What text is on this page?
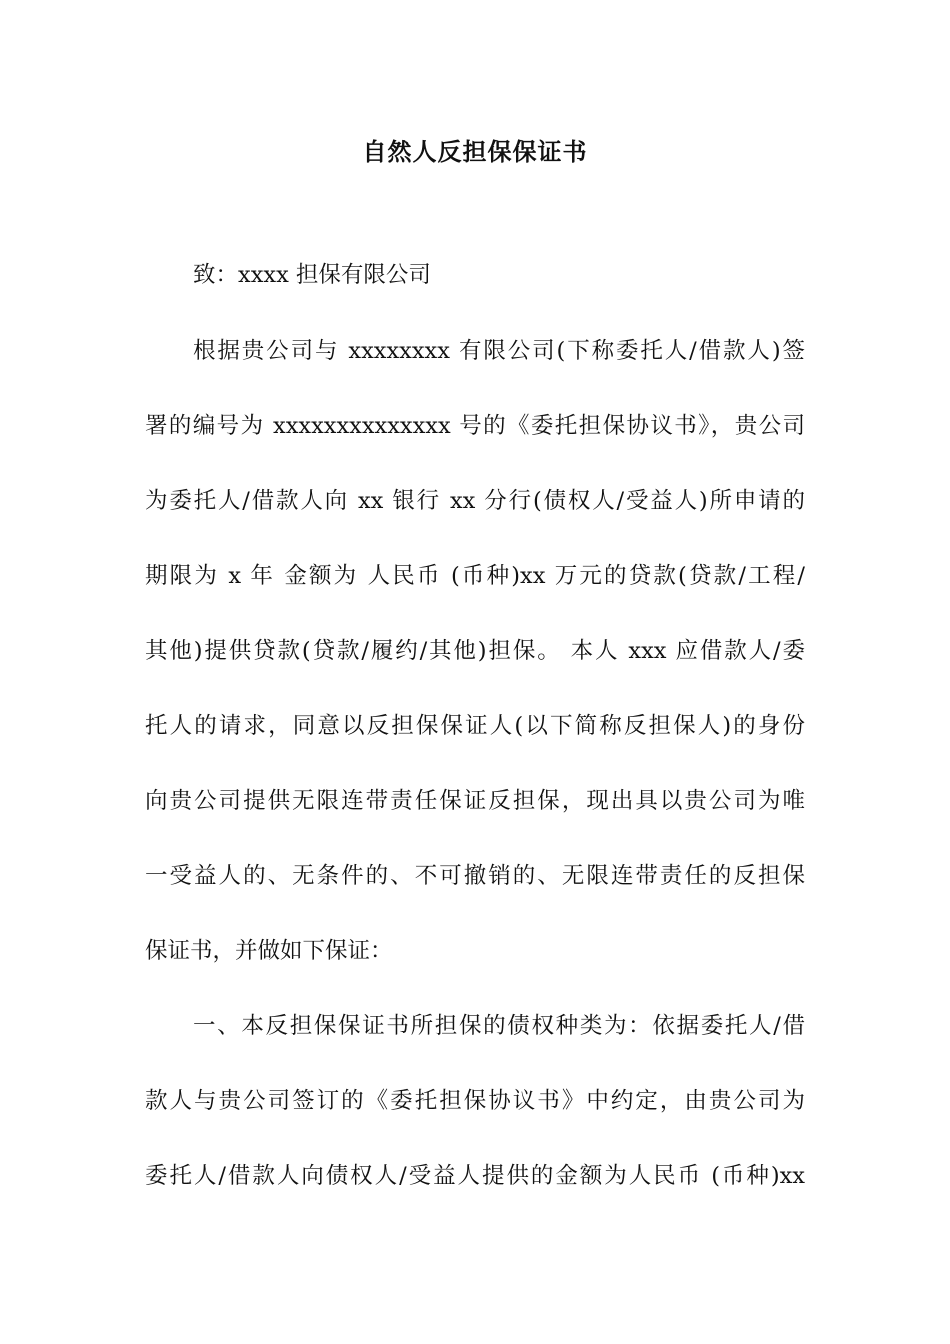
自然人反担保保证书
致：xxxx 担保有限公司
根据贵公司与 xxxxxxxx 有限公司(下称委托人/借款人)签
署的编号为 xxxxxxxxxxxxxx 号的《委托担保协议书》，贵公司
为委托人/借款人向 xx 银行 xx 分行(债权人/受益人)所申请的
期限为 x 年 金额为 人民币 (币种)xx 万元的贷款(贷款/工程/
其他)提供贷款(贷款/履约/其他)担保。 本人 xxx 应借款人/委
托人的请求，同意以反担保保证人(以下简称反担保人)的身份
向贵公司提供无限连带责任保证反担保，现出具以贵公司为唯
一受益人的、无条件的、不可撤销的、无限连带责任的反担保
保证书，并做如下保证：
一、本反担保保证书所担保的债权种类为：依据委托人/借
款人与贵公司签订的《委托担保协议书》中约定，由贵公司为
委托人/借款人向债权人/受益人提供的金额为人民币 (币种)xx
